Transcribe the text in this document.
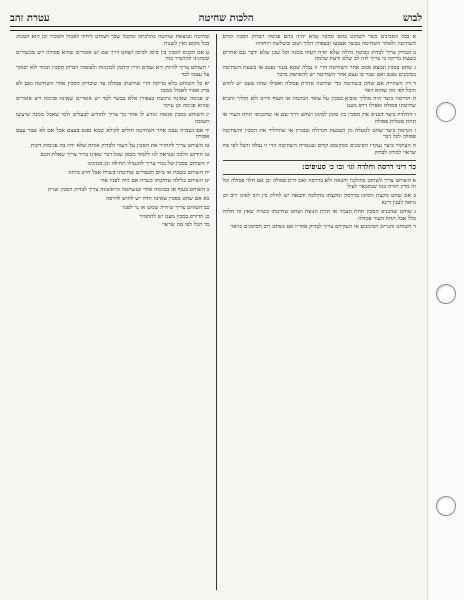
לבוש
הלכות שחיטה
עטרת זהב

א בכל הסכינים כשר לשחוט בהם ובלבד שלא יהיה בהם פגימה ויבדוק הסכין קודם השחיטה ולאחר השחיטה בבשר אצבעו ובצפורן הלוך ושוב ובשלשה רוחותיו

ב הבודק צריך לבדוק בכוונה גדולה שלא יסיח דעתו ממנה וכל שכן שלא ידבר עם אחרים בשעת בדיקה כי צריך לזה לב שלם ודעת שלמה

ג שחט בסכין ונמצא פגום אחר השחיטה הרי זו נבלה שמא בעור נפגם או בשעת השחיטה בסימנים נפגם ואם שבר בו עצם אחר השחיטה יש להסתפק בדבר

ד דין השהייה אם שהה בשחיטה כדי שחיטה אחרת פסולה ואפילו שהה מעט יש לחוש והכל לפי מה שהוא ראוי

ה הדרסה כיצד היה מוליך ומביא בסכין על צואר הבהמה או העוף ודרס ולא הוליך והביא שחיטתו פסולה ואפילו דרס מעט

ו החלדה כיצד הכניס את הסכין בין סימן לסימן ושחט דרך שם או שהכניסו תחת העור או תחת מטלית פסולה

ז הגרמה כיצד שחט למעלה מן הטבעת הגדולה שבגרון או שהחליד את הסכין והשחיטה פסולה לכל דבר

ח העיקור כיצד נעקרו הסימנים ממקומם קודם שנגמרה השחיטה הרי זו נבלה והכל לפי מה שראוי לבודק לבדוק

כד דיני דרסה וחלדה וגו׳ ובו כ׳ סעיפים:

א השוחט צריך לשחוט בהולכה והבאה ולא בדרסה ואם דרס פסולה וכן אם חלד פסולה וכל זה מדין תורה כמו שנתבאר לעיל

ב אם שחט מקצת הסימן בדרסה ומקצתו בהולכה והבאה יש לחלק בין רוב לאינו רוב וכן נראה לענין דינא

ג שוחט שהכניס הסכין תחת הצמר או תחת הנוצה ושחט שחיטתו כשרה שאין זה חלדה כלל אבל תחת העור פסולה

ד השוחט והגרים הסימנים או העקירם צריך לבדוק אחריו אם נשחט רוב הסימנים כראוי

שחיטה ונמצאת שחיטה כהלכתה ומקבל שכר ושוחט ליחיד לאכול ולמכור וכן הוא המנהג בכל מקום ואין לשנות

ט אם הכניס הסכין בין סימן לסימן ושחט דרך שם יש אומרים שהיא פסולה ויש מכשירים ומנהגינו להחמיר בזה

י השוחט צריך להיות ירא שמים וזריז ורחמן לבהמות ולעופות ויבדוק הסכין תמיד ולא יסמוך על עצמו לבד

יא כל השוחט בלא בדיקה הרי שחיטתו פסולה עד שיבדוק הסכין אחר השחיטה ואם לא בדק אסור לאכול ממנה

יב פגימה שאינה נרגשת בצפורן אלא בבשר לבד יש אומרים שאינה פגימה ויש אומרים שהיא פגימה וכן עיקר

יג השוחט בסכין פגומה ונודע לו אחר כך צריך להודיע לבעלים ולמי שאכל ממנה שיעשו תשובה

יד אם נשברה עצם אחר השחיטה תולים לקולא שמא נפגם בעצם אבל אם לא שבר עצם אסורה

טו השוחט צריך להחזיר את הסכין על העור ולבדוק אותה שלא יהיו בה פגימות דקות

טז חידוש הלכה שנראה לנו ללמוד מכאן שכל דבר שאינו ברור צריך שאלת חכם

יז השוחט בסכין של נכרי צריך להגעילו תחילה וכן מנהגינו

יח השוחט בשבת או ביום הכפורים שחיטתו כשרה אבל חייב מיתה

יט השוחט בלילה שחיטתו כשרה אם היה לפניו אור

כ השוחט בעוף או בבהמה אחר שנשחטה הראשונה צריך לבדוק הסכין שנית

כא אם שחט בסכין שאינה חדה יש לחוש לדרסה

כב השוחט צריך שיהיה שמש או נר לפניו

כג הדורס בסכין מעט יש להחמיר

כד הכל לפי מה שראוי
